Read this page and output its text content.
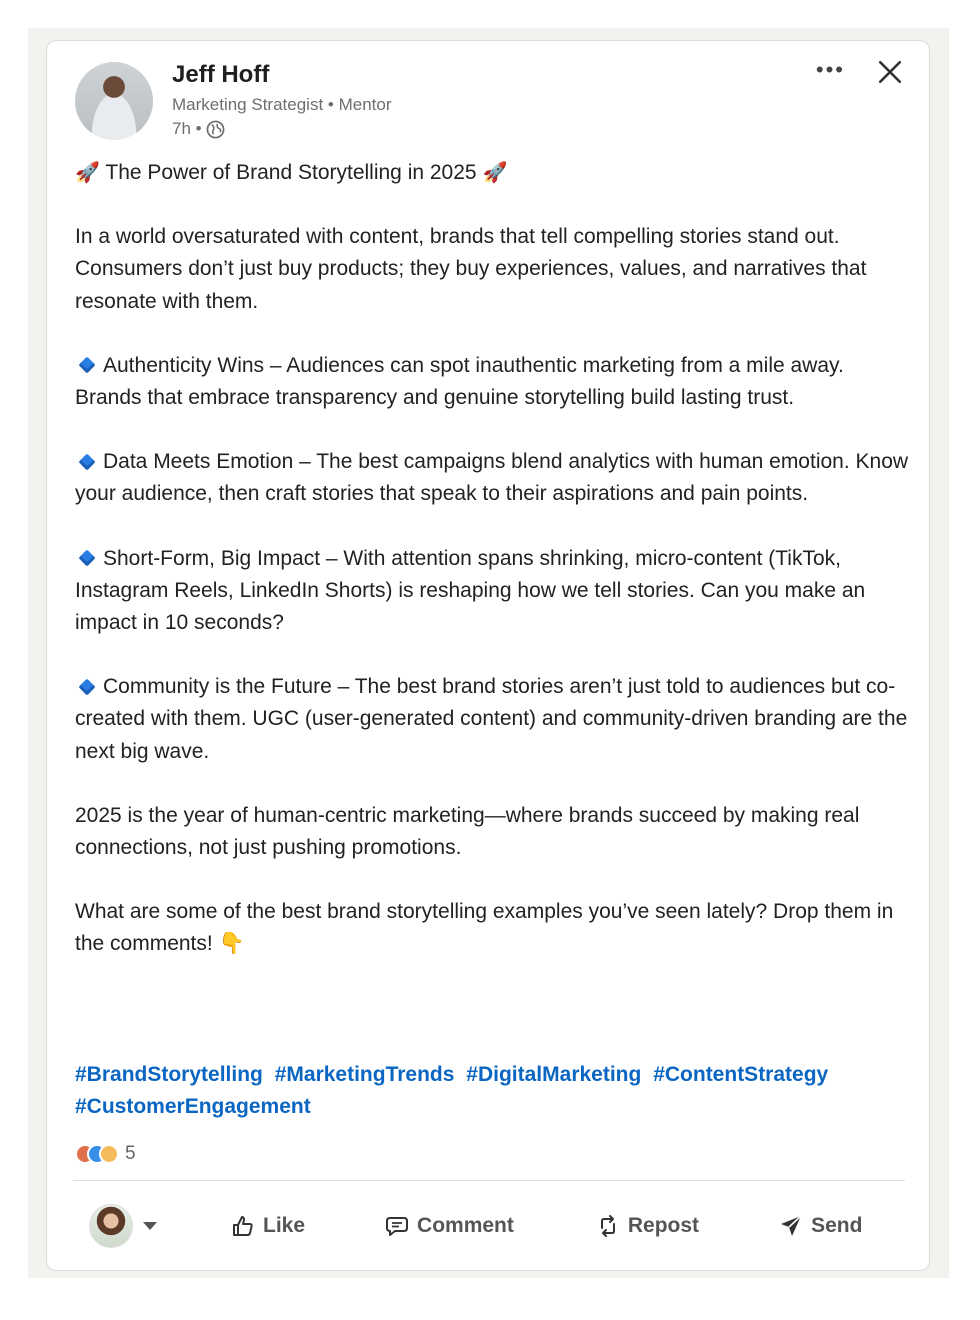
Jeff Hoff
Marketing Strategist • Mentor
7h •
•••

🚀 The Power of Brand Storytelling in 2025 🚀

In a world oversaturated with content, brands that tell compelling stories stand out. Consumers don’t just buy products; they buy experiences, values, and narratives that resonate with them.

Authenticity Wins – Audiences can spot inauthentic marketing from a mile away. Brands that embrace transparency and genuine storytelling build lasting trust.

Data Meets Emotion – The best campaigns blend analytics with human emotion. Know your audience, then craft stories that speak to their aspirations and pain points.

Short-Form, Big Impact – With attention spans shrinking, micro-content (TikTok, Instagram Reels, LinkedIn Shorts) is reshaping how we tell stories. Can you make an impact in 10 seconds?

Community is the Future – The best brand stories aren’t just told to audiences but co-created with them. UGC (user-generated content) and community-driven branding are the next big wave.

2025 is the year of human-centric marketing—where brands succeed by making real connections, not just pushing promotions.

What are some of the best brand storytelling examples you’ve seen lately? Drop them in the comments! 👇

#BrandStorytelling #MarketingTrends #DigitalMarketing #ContentStrategy #CustomerEngagement
5
Like	Comment	Repost	Send
